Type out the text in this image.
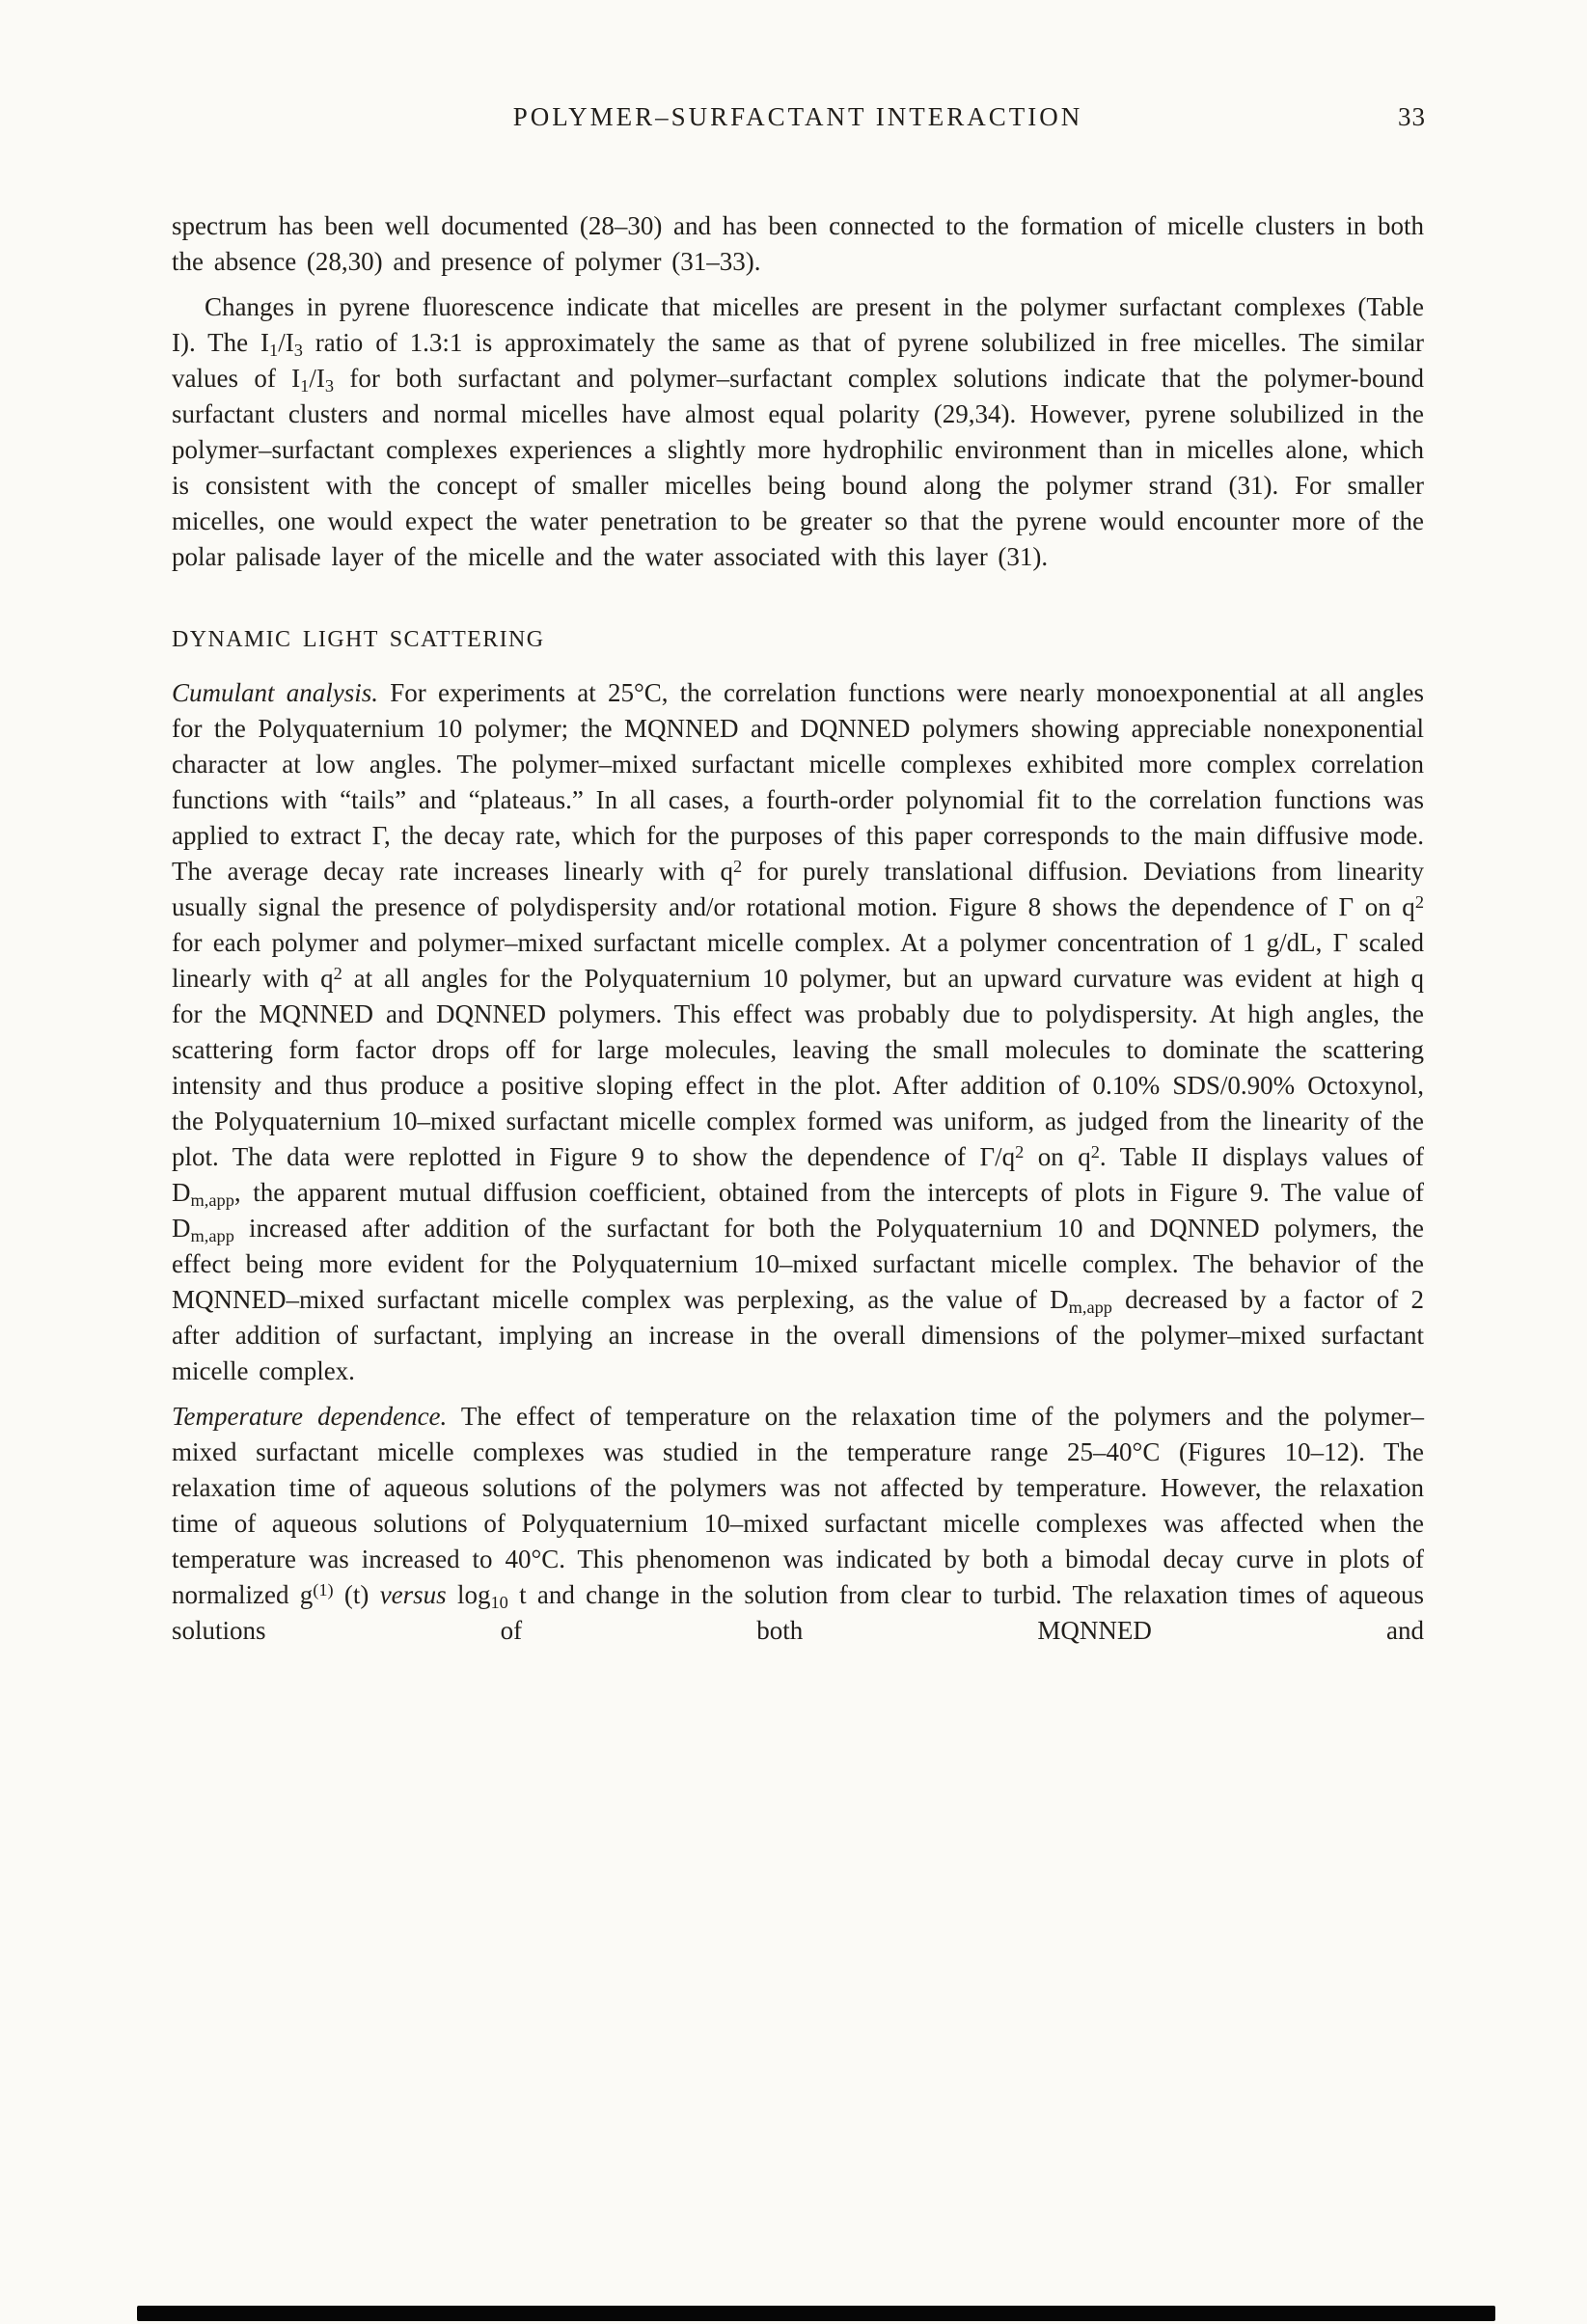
POLYMER–SURFACTANT INTERACTION	33

spectrum has been well documented (28–30) and has been connected to the formation of micelle clusters in both the absence (28,30) and presence of polymer (31–33).

Changes in pyrene fluorescence indicate that micelles are present in the polymer surfactant complexes (Table I). The $I_1/I_3$ ratio of 1.3:1 is approximately the same as that of pyrene solubilized in free micelles. The similar values of $I_1/I_3$ for both surfactant and polymer–surfactant complex solutions indicate that the polymer-bound surfactant clusters and normal micelles have almost equal polarity (29,34). However, pyrene solubilized in the polymer–surfactant complexes experiences a slightly more hydrophilic environment than in micelles alone, which is consistent with the concept of smaller micelles being bound along the polymer strand (31). For smaller micelles, one would expect the water penetration to be greater so that the pyrene would encounter more of the polar palisade layer of the micelle and the water associated with this layer (31).

DYNAMIC LIGHT SCATTERING

Cumulant analysis. For experiments at 25°C, the correlation functions were nearly monoexponential at all angles for the Polyquaternium 10 polymer; the MQNNED and DQNNED polymers showing appreciable nonexponential character at low angles. The polymer–mixed surfactant micelle complexes exhibited more complex correlation functions with “tails” and “plateaus.” In all cases, a fourth-order polynomial fit to the correlation functions was applied to extract Γ, the decay rate, which for the purposes of this paper corresponds to the main diffusive mode. The average decay rate increases linearly with $q^2$ for purely translational diffusion. Deviations from linearity usually signal the presence of polydispersity and/or rotational motion. Figure 8 shows the dependence of Γ on $q^2$ for each polymer and polymer–mixed surfactant micelle complex. At a polymer concentration of 1 g/dL, Γ scaled linearly with $q^2$ at all angles for the Polyquaternium 10 polymer, but an upward curvature was evident at high q for the MQNNED and DQNNED polymers. This effect was probably due to polydispersity. At high angles, the scattering form factor drops off for large molecules, leaving the small molecules to dominate the scattering intensity and thus produce a positive sloping effect in the plot. After addition of 0.10% SDS/0.90% Octoxynol, the Polyquaternium 10–mixed surfactant micelle complex formed was uniform, as judged from the linearity of the plot. The data were replotted in Figure 9 to show the dependence of $\Gamma/q^2$ on $q^2$. Table II displays values of $D_{m,app}$, the apparent mutual diffusion coefficient, obtained from the intercepts of plots in Figure 9. The value of $D_{m,app}$ increased after addition of the surfactant for both the Polyquaternium 10 and DQNNED polymers, the effect being more evident for the Polyquaternium 10–mixed surfactant micelle complex. The behavior of the MQNNED–mixed surfactant micelle complex was perplexing, as the value of $D_{m,app}$ decreased by a factor of 2 after addition of surfactant, implying an increase in the overall dimensions of the polymer–mixed surfactant micelle complex.

Temperature dependence. The effect of temperature on the relaxation time of the polymers and the polymer–mixed surfactant micelle complexes was studied in the temperature range 25–40°C (Figures 10–12). The relaxation time of aqueous solutions of the polymers was not affected by temperature. However, the relaxation time of aqueous solutions of Polyquaternium 10–mixed surfactant micelle complexes was affected when the temperature was increased to 40°C. This phenomenon was indicated by both a bimodal decay curve in plots of normalized $g^{(1)}$ (t) versus $\log_{10} t$ and change in the solution from clear to turbid. The relaxation times of aqueous solutions of both MQNNED and
